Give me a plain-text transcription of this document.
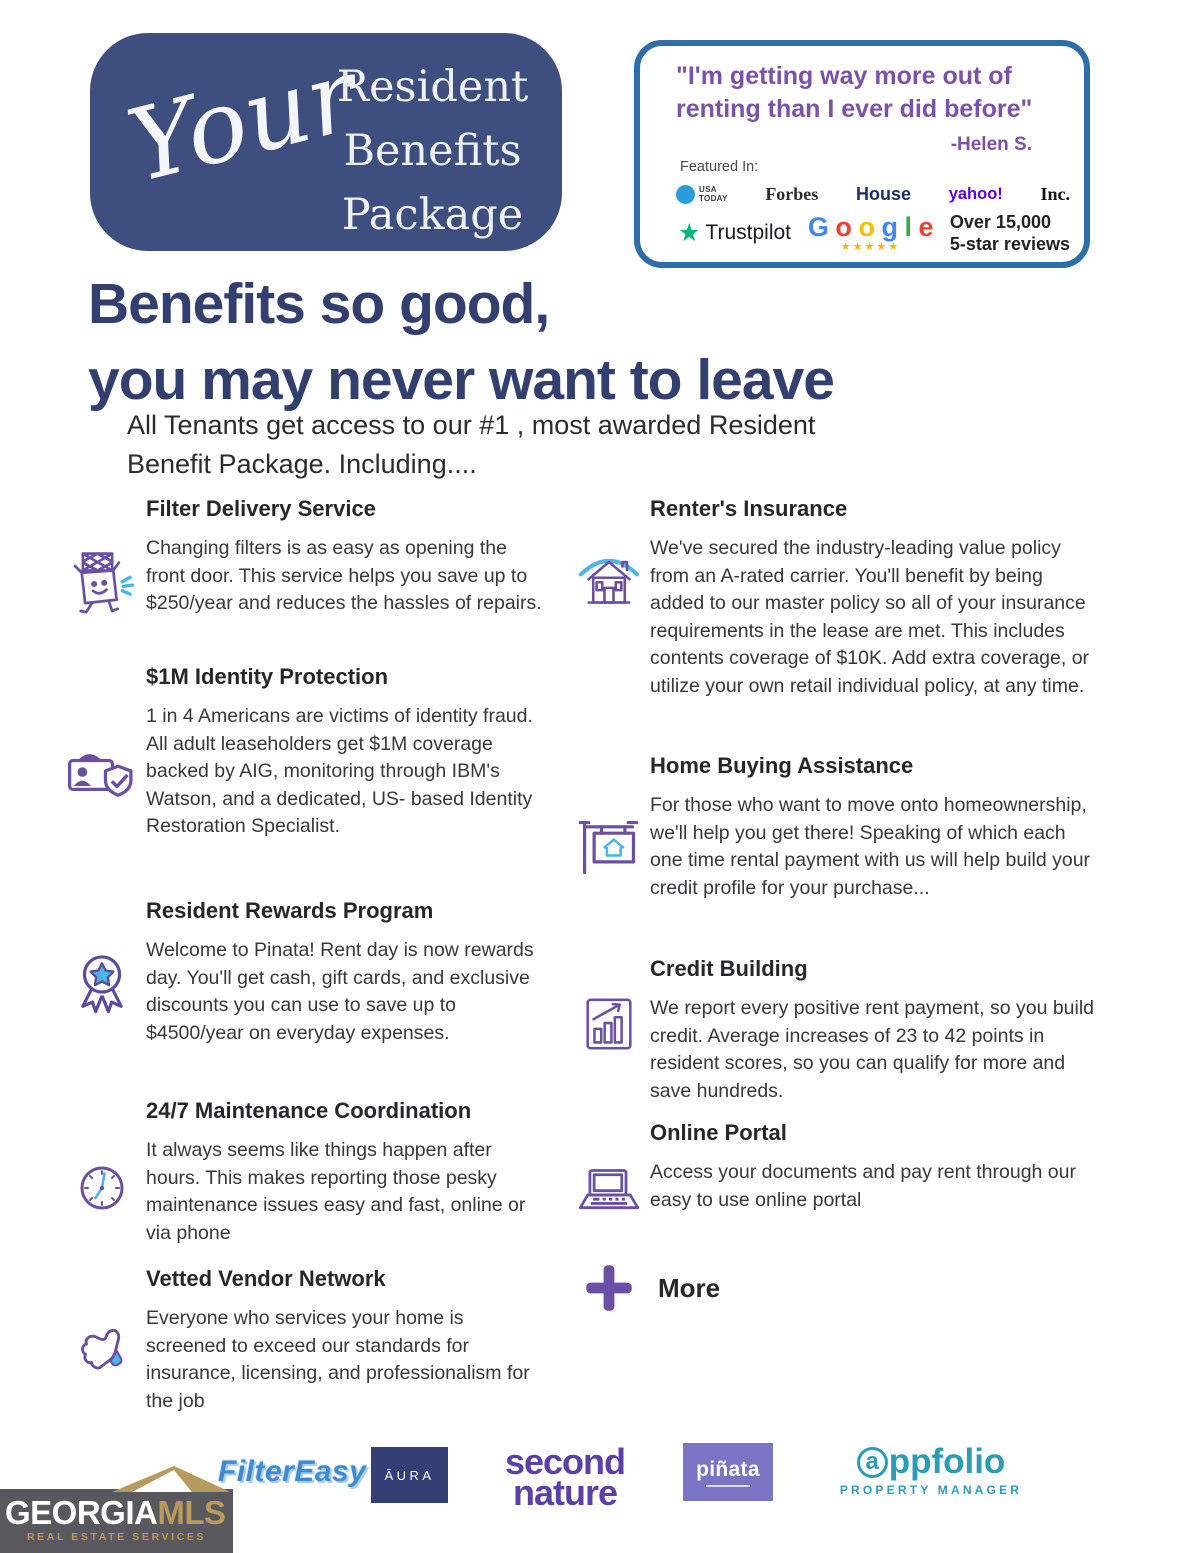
Your
Resident
Benefits
Package
"I'm getting way more out of
renting than I ever did before"
-Helen S.
Featured In:
USA
TODAY Forbes House yahoo! Inc.
★ Trustpilot G o o g l e
★★★★★
Over 15,000
5-star reviews
Benefits so good,
you may never want to leave
All Tenants get access to our #1 , most awarded Resident
Benefit Package. Including....
Filter Delivery Service

Changing filters is as easy as opening the front door. This service helps you save up to $250/year and reduces the hassles of repairs.

$1M Identity Protection

1 in 4 Americans are victims of identity fraud. All adult leaseholders get $1M coverage backed by AIG, monitoring through IBM's Watson, and a dedicated, US- based Identity Restoration Specialist.

Resident Rewards Program

Welcome to Pinata! Rent day is now rewards day. You'll get cash, gift cards, and exclusive discounts you can use to save up to $4500/year on everyday expenses.

24/7 Maintenance Coordination

It always seems like things happen after hours. This makes reporting those pesky maintenance issues easy and fast, online or via phone

Vetted Vendor Network

Everyone who services your home is screened to exceed our standards for insurance, licensing, and professionalism for the job

Renter's Insurance

We've secured the industry-leading value policy from an A-rated carrier. You'll benefit by being added to our master policy so all of your insurance requirements in the lease are met. This includes contents coverage of $10K. Add extra coverage, or utilize your own retail individual policy, at any time.

Home Buying Assistance

For those who want to move onto homeownership, we'll help you get there! Speaking of which each one time rental payment with us will help build your credit profile for your purchase...

Credit Building

We report every positive rent payment, so you build credit. Average increases of 23 to 42 points in resident scores, so you can qualify for more and save hundreds.

Online Portal

Access your documents and pay rent through our easy to use online portal

More
FilterEasy ĀURA second
nature
piñata	a ppfolio
PROPERTY MANAGER
GEORGIAMLS
REAL ESTATE SERVICES
